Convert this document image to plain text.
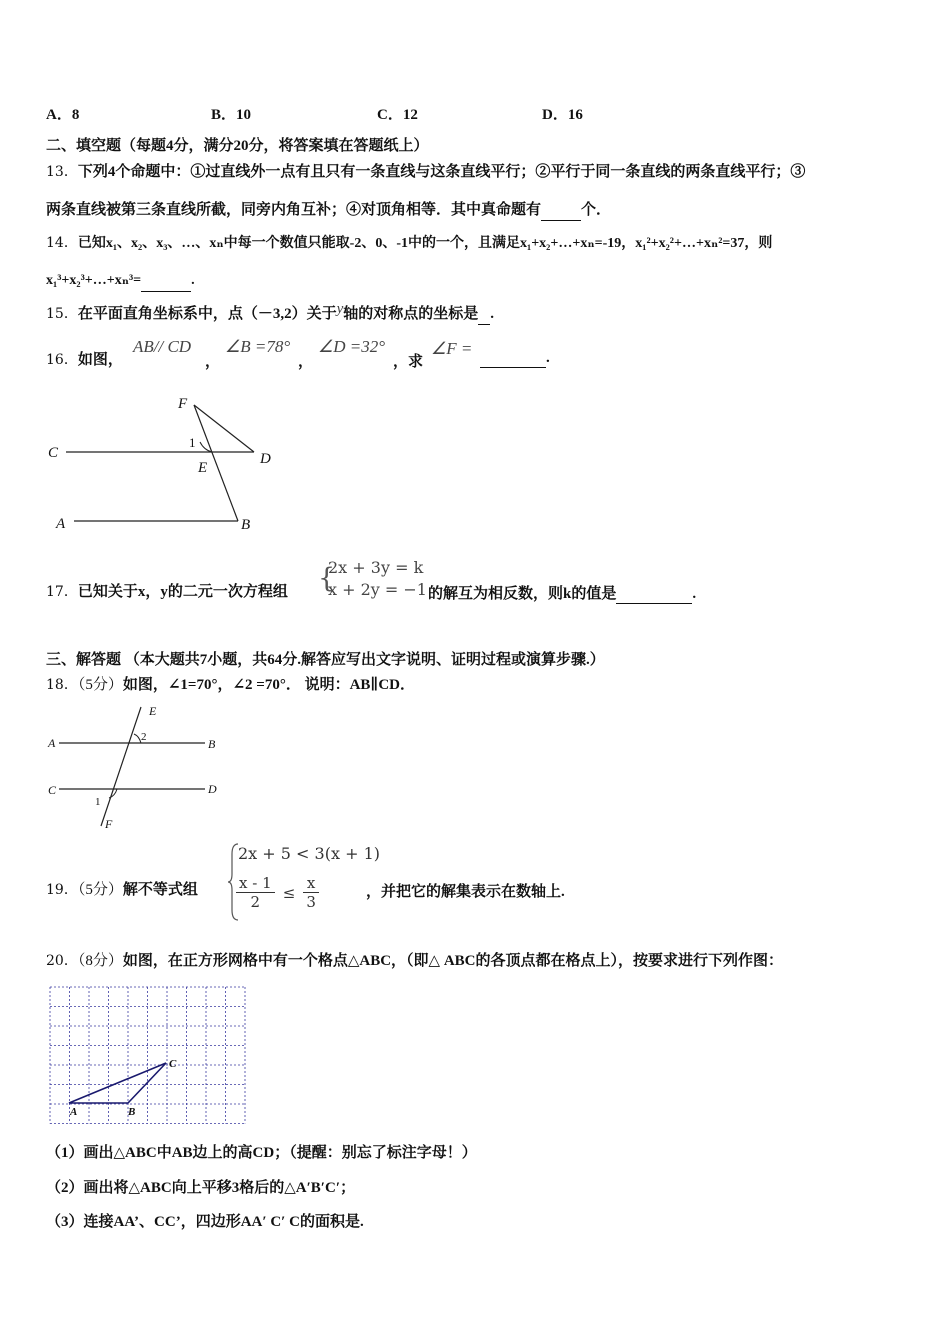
A．8	B．10	C．12	D．16
二、填空题（每题4分，满分20分，将答案填在答题纸上）
13．下列4个命题中：①过直线外一点有且只有一条直线与这条直线平行；②平行于同一条直线的两条直线平行；③
两条直线被第三条直线所截，同旁内角互补；④对顶角相等．其中真命题有	个．
14．已知x₁、x₂、x₃、…、xₙ中每一个数值只能取-2、0、-1中的一个，且满足x₁+x₂+…+xₙ=-19，x₁²+x₂²+…+xₙ²=37，则
x₁³+x₂³+…+xₙ³=	.
15．在平面直角坐标系中，点（－3,2）关于y轴的对称点的坐标是 .
16．如图，
AB// CD
，
∠B =78°
，
∠D =32°
，求
∠F =	.
F
C
1
E
D
A	B
17．已知关于x，y的二元一次方程组 {
2x + 3y = k
x + 2y = −1 的解互为相反数，则k的值是	.
三、解答题 （本大题共7小题，共64分.解答应写出文字说明、证明过程或演算步骤.）
18．（5分）如图，∠1=70°，∠2 =70°． 说明：AB∥CD．
E
A	2	B
C	D
1
F
19．（5分）解不等式组
2x + 5 < 3(x + 1)
$\frac{x - 1}{2} \le \frac{x}{3}$	，并把它的解集表示在数轴上.
20．（8分）如图，在正方形网格中有一个格点△ABC，（即△ ABC的各顶点都在格点上），按要求进行下列作图：
A	B
C
（1）画出△ABC中AB边上的高CD；（提醒：别忘了标注字母！）
（2）画出将△ABC向上平移3格后的△A′B′C′；
（3）连接AA’、CC’，四边形AA′ C′ C的面积是.
